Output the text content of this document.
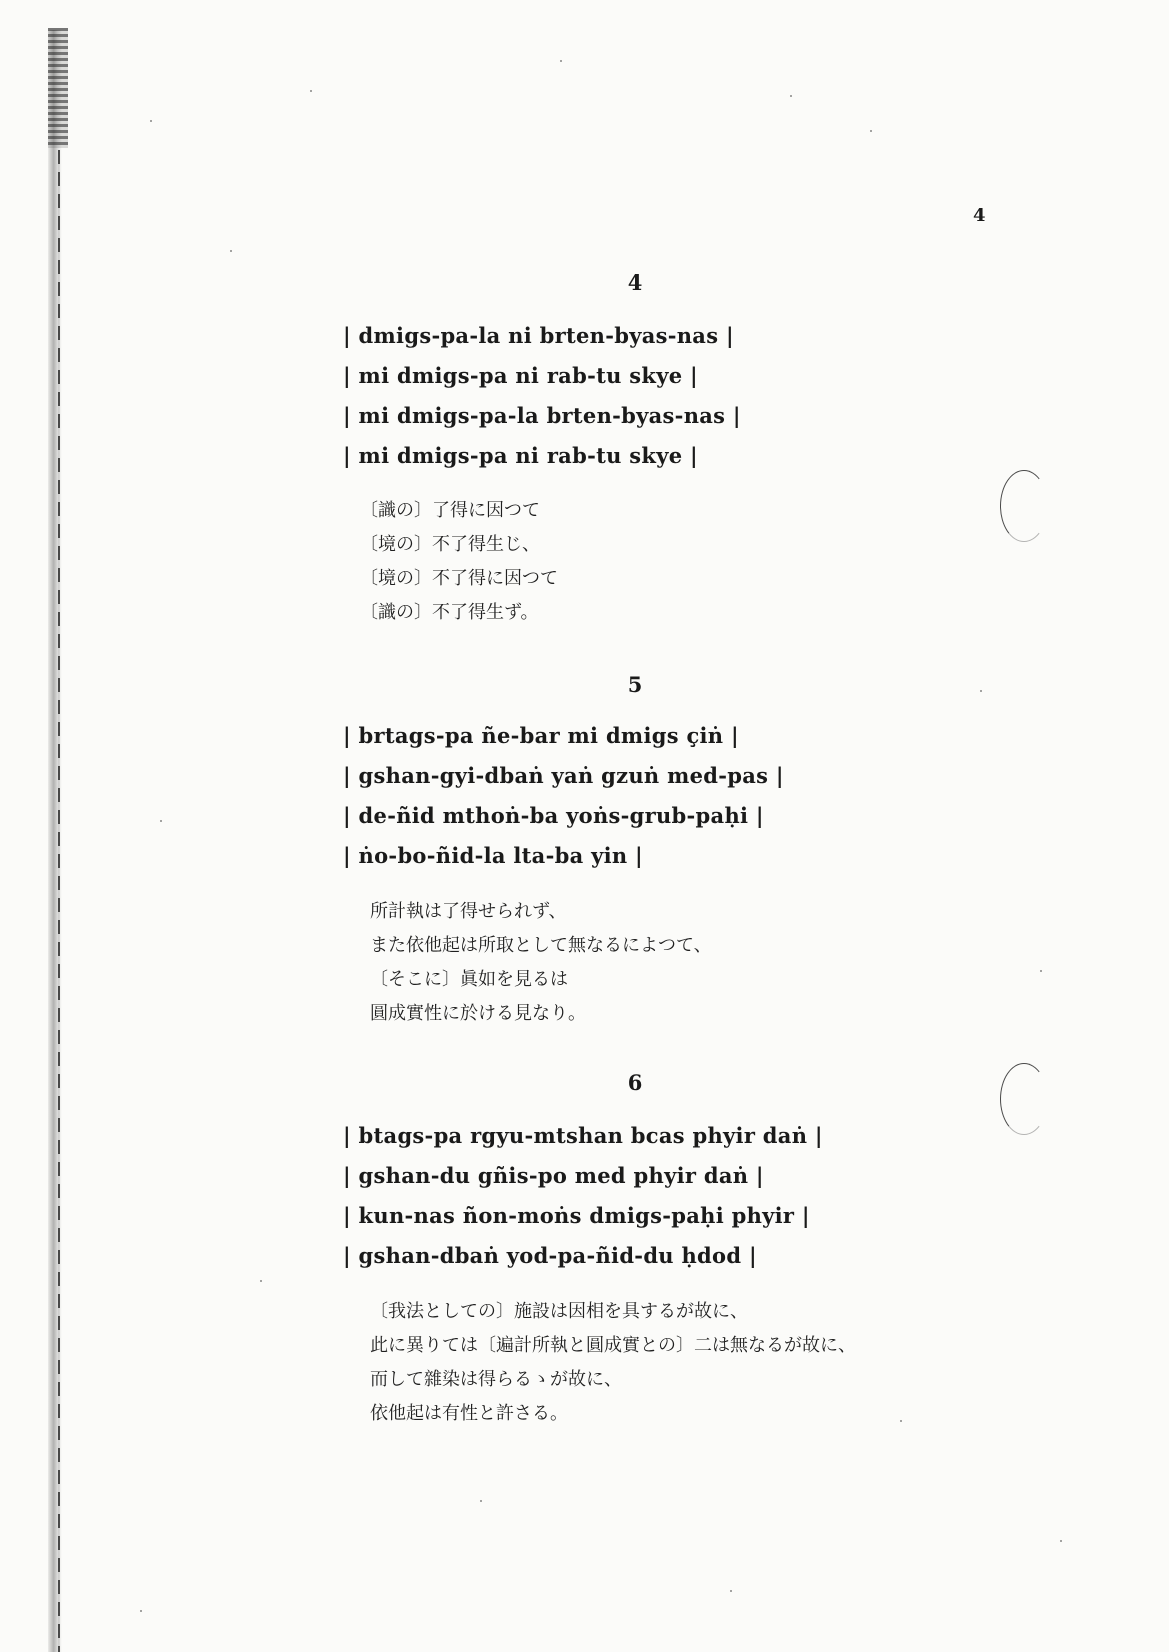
4
4
| dmigs-pa-la ni brten-byas-nas |
| mi dmigs-pa ni rab-tu skye |
| mi dmigs-pa-la brten-byas-nas |
| mi dmigs-pa ni rab-tu skye |
〔識の〕了得に因つて
〔境の〕不了得生じ、
〔境の〕不了得に因つて
〔識の〕不了得生ず。
5
| brtags-pa ñe-bar mi dmigs çiṅ |
| gshan-gyi-dbaṅ yaṅ gzuṅ med-pas |
| de-ñid mthoṅ-ba yoṅs-grub-paḥi |
| ṅo-bo-ñid-la lta-ba yin |
所計執は了得せられず、
また依他起は所取として無なるによつて、
〔そこに〕眞如を見るは
圓成實性に於ける見なり。
6
| btags-pa rgyu-mtshan bcas phyir daṅ |
| gshan-du gñis-po med phyir daṅ |
| kun-nas ñon-moṅs dmigs-paḥi phyir |
| gshan-dbaṅ yod-pa-ñid-du ḥdod |
〔我法としての〕施設は因相を具するが故に、
此に異りては〔遍計所執と圓成實との〕二は無なるが故に、
而して雜染は得らるゝが故に、
依他起は有性と許さる。
